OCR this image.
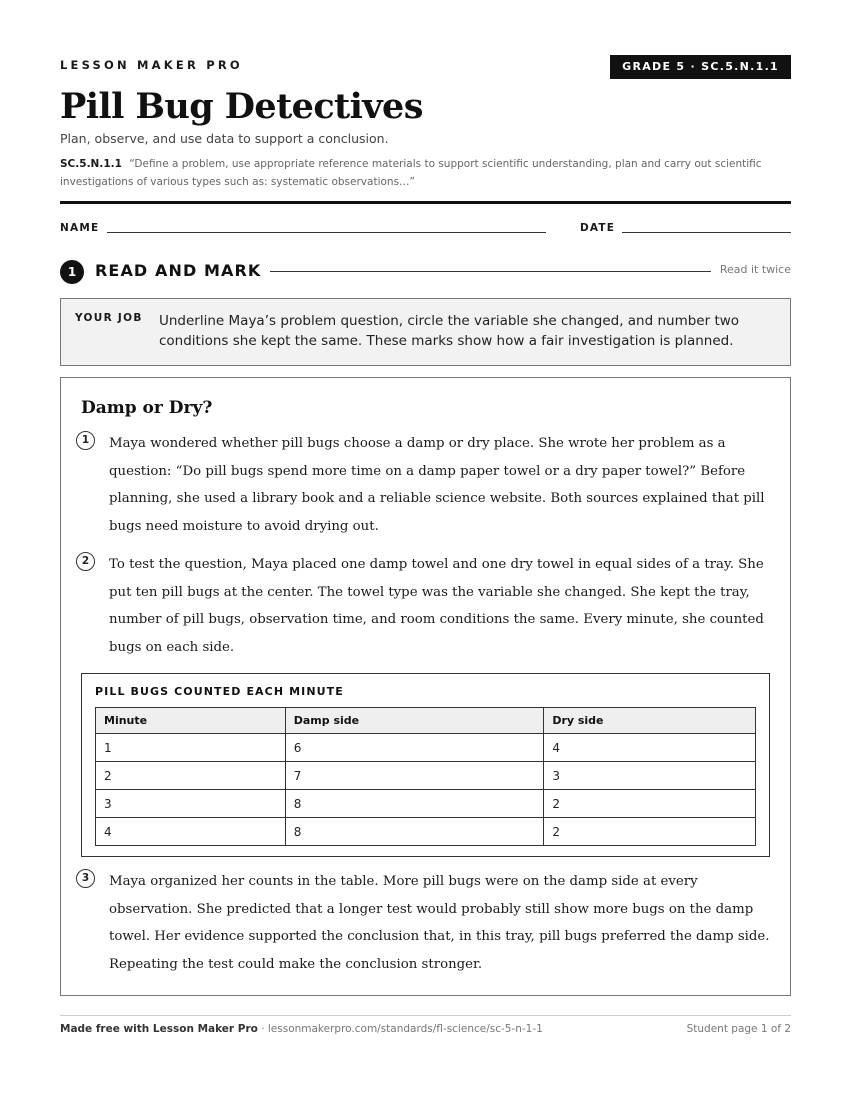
LESSON MAKER PRO	GRADE 5 · SC.5.N.1.1
Pill Bug Detectives
Plan, observe, and use data to support a conclusion.
SC.5.N.1.1 “Define a problem, use appropriate reference materials to support scientific understanding, plan and carry out scientific investigations of various types such as: systematic observations…”
NAME	DATE
1	READ AND MARK	Read it twice
YOUR JOB Underline Maya’s problem question, circle the variable she changed, and number two conditions she kept the same. These marks show how a fair investigation is planned.
Damp or Dry?
1	Maya wondered whether pill bugs choose a damp or dry place. She wrote her problem as a question: “Do pill bugs spend more time on a damp paper towel or a dry paper towel?” Before planning, she used a library book and a reliable science website. Both sources explained that pill bugs need moisture to avoid drying out.

2	To test the question, Maya placed one damp towel and one dry towel in equal sides of a tray. She put ten pill bugs at the center. The towel type was the variable she changed. She kept the tray, number of pill bugs, observation time, and room conditions the same. Every minute, she counted bugs on each side.

PILL BUGS COUNTED EACH MINUTE
Minute	Damp side	Dry side
1	6	4
2	7	3
3	8	2
4	8	2
3	Maya organized her counts in the table. More pill bugs were on the damp side at every observation. She predicted that a longer test would probably still show more bugs on the damp towel. Her evidence supported the conclusion that, in this tray, pill bugs preferred the damp side. Repeating the test could make the conclusion stronger.

Made free with Lesson Maker Pro · lessonmakerpro.com/standards/fl-science/sc-5-n-1-1	Student page 1 of 2
